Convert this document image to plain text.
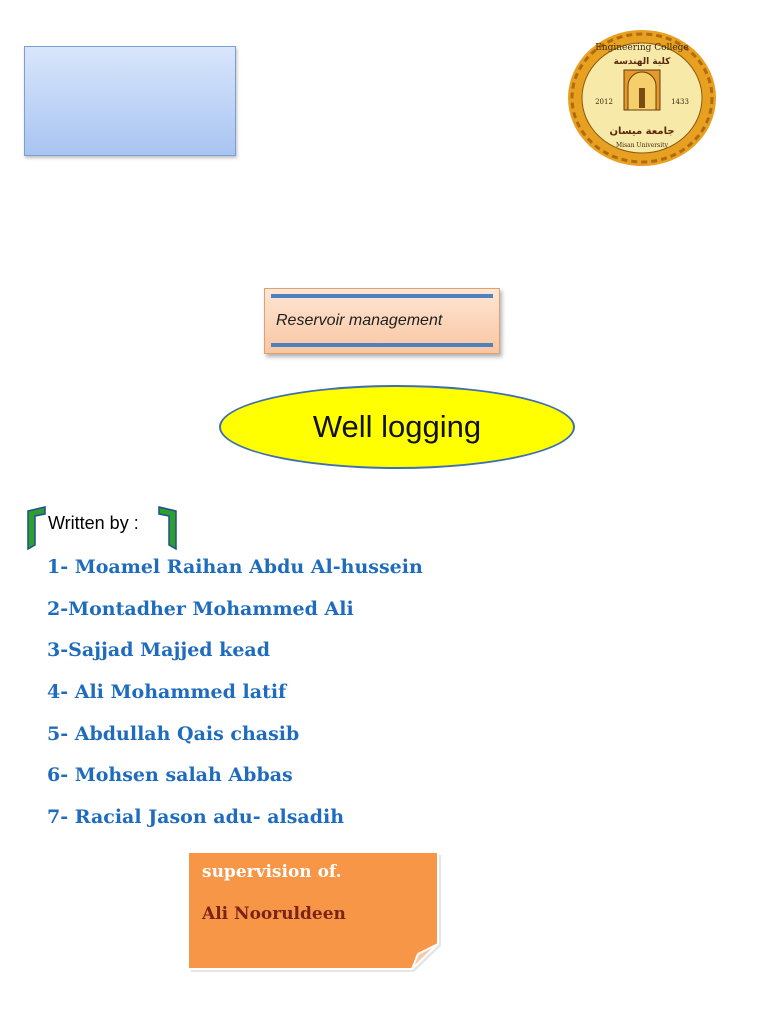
Engineering College
كلية الهندسة
2012	1433
جامعة ميسان
Misan University
Reservoir management
Well logging
Written by :
1- Moamel Raihan Abdu Al-hussein
2-Montadher Mohammed Ali
3-Sajjad Majjed kead
4- Ali Mohammed latif
5- Abdullah Qais chasib
6- Mohsen salah Abbas
7- Racial Jason adu- alsadih
supervision of.
Ali Nooruldeen
